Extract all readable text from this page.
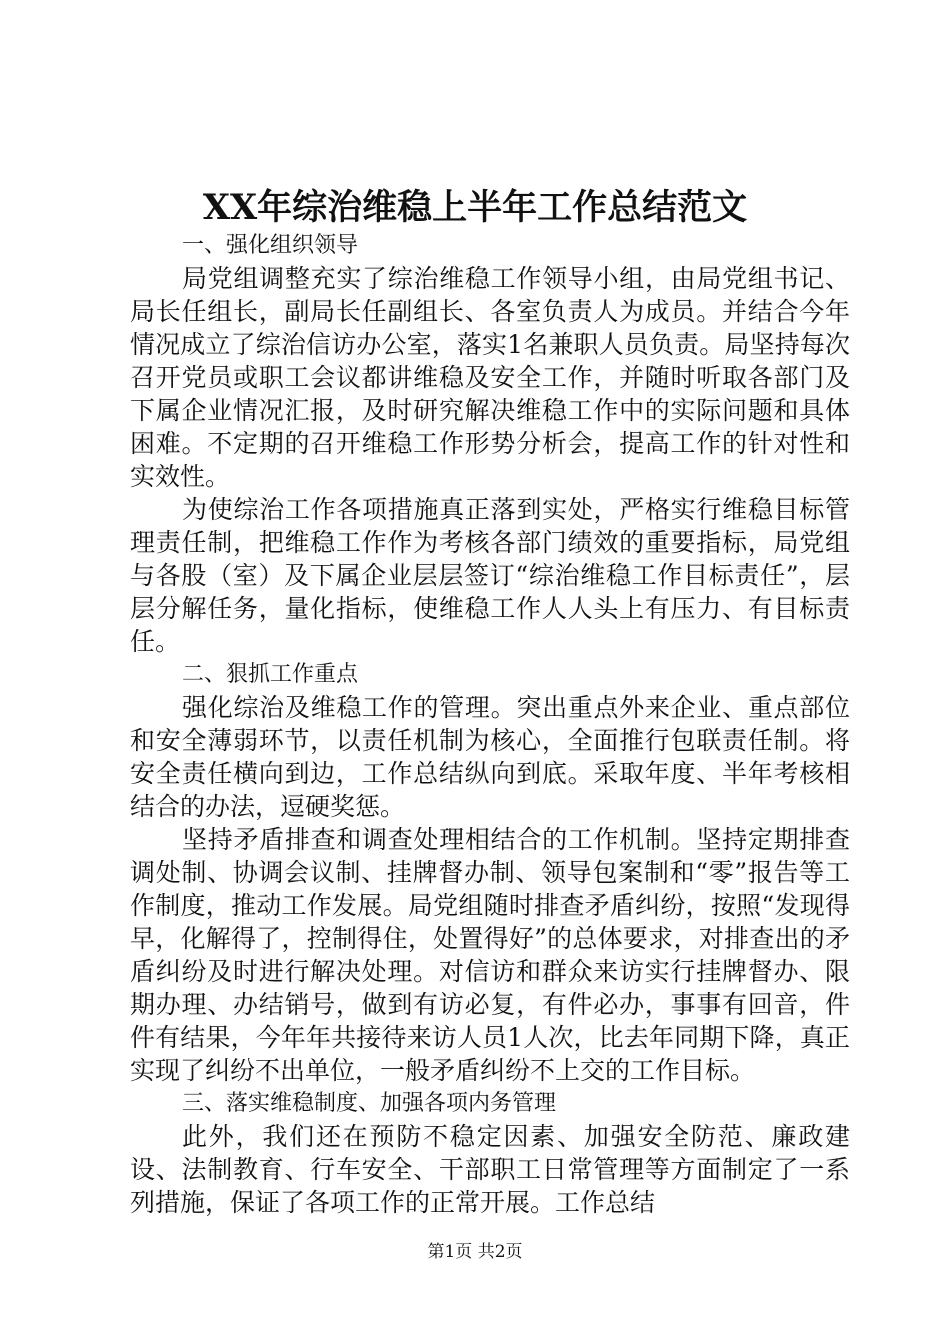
XX年综治维稳上半年工作总结范文

一、强化组织领导

局党组调整充实了综治维稳工作领导小组，由局党组书记、局长任组长，副局长任副组长、各室负责人为成员。并结合今年情况成立了综治信访办公室，落实1名兼职人员负责。局坚持每次召开党员或职工会议都讲维稳及安全工作，并随时听取各部门及下属企业情况汇报，及时研究解决维稳工作中的实际问题和具体困难。不定期的召开维稳工作形势分析会，提高工作的针对性和实效性。

为使综治工作各项措施真正落到实处，严格实行维稳目标管理责任制，把维稳工作作为考核各部门绩效的重要指标，局党组与各股（室）及下属企业层层签订“综治维稳工作目标责任”，层层分解任务，量化指标，使维稳工作人人头上有压力、有目标责任。

二、狠抓工作重点

强化综治及维稳工作的管理。突出重点外来企业、重点部位和安全薄弱环节，以责任机制为核心，全面推行包联责任制。将安全责任横向到边，工作总结纵向到底。采取年度、半年考核相结合的办法，逗硬奖惩。

坚持矛盾排查和调查处理相结合的工作机制。坚持定期排查调处制、协调会议制、挂牌督办制、领导包案制和“零”报告等工作制度，推动工作发展。局党组随时排查矛盾纠纷，按照“发现得早，化解得了，控制得住，处置得好”的总体要求，对排查出的矛盾纠纷及时进行解决处理。对信访和群众来访实行挂牌督办、限期办理、办结销号，做到有访必复，有件必办，事事有回音，件件有结果，今年年共接待来访人员1人次，比去年同期下降，真正实现了纠纷不出单位，一般矛盾纠纷不上交的工作目标。

三、落实维稳制度、加强各项内务管理

此外，我们还在预防不稳定因素、加强安全防范、廉政建设、法制教育、行车安全、干部职工日常管理等方面制定了一系列措施，保证了各项工作的正常开展。工作总结

第1页 共2页
